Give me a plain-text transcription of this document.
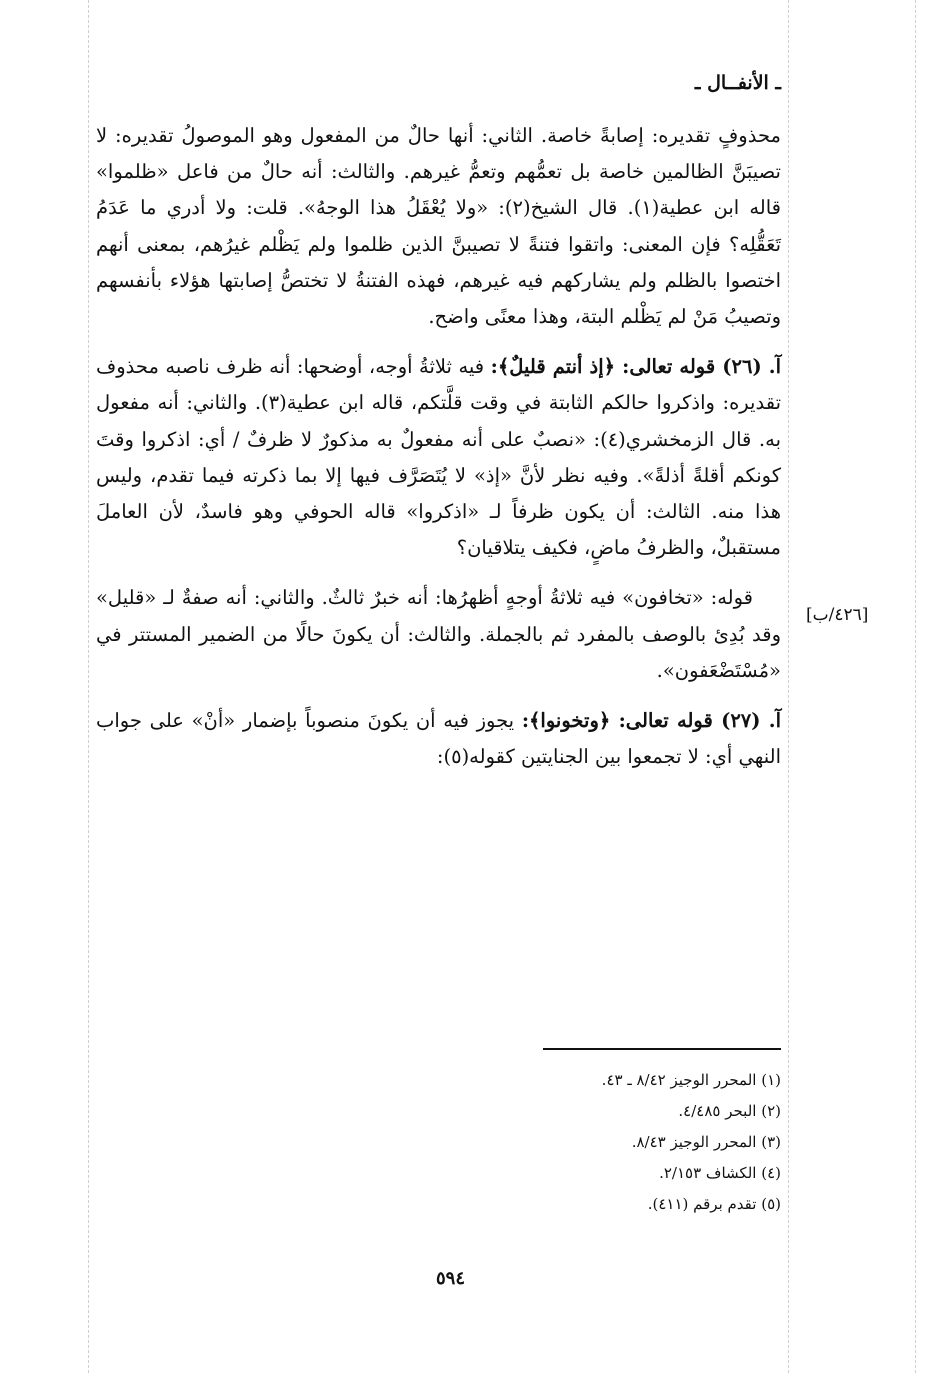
[٤٢٦/ب]
ـ الأنفــال ـ

محذوفٍ تقديره: إصابةً خاصة. الثاني: أنها حالٌ من المفعول وهو الموصولُ تقديره: لا تصيبَنَّ الظالمين خاصة بل تعمُّهم وتعمُّ غيرهم. والثالث: أنه حالٌ من فاعل «ظلموا» قاله ابن عطية(١). قال الشيخ(٢): «ولا يُعْقَلُ هذا الوجهُ». قلت: ولا أدري ما عَدَمُ تَعَقُّلِه؟ فإن المعنى: واتقوا فتنةً لا تصيبنَّ الذين ظلموا ولم يَظْلم غيرُهم، بمعنى أنهم اختصوا بالظلم ولم يشاركهم فيه غيرهم، فهذه الفتنةُ لا تختصُّ إصابتها هؤلاء بأنفسهم وتصيبُ مَنْ لم يَظْلم البتة، وهذا معنًى واضح.

آ. (٢٦) قوله تعالى: ﴿إذ أنتم قليلٌ﴾: فيه ثلاثةُ أوجه، أوضحها: أنه ظرف ناصبه محذوف تقديره: واذكروا حالكم الثابتة في وقت قلَّتكم، قاله ابن عطية(٣). والثاني: أنه مفعول به. قال الزمخشري(٤): «نصبٌ على أنه مفعولٌ به مذكورٌ لا ظرفٌ / أي: اذكروا وقتَ كونكم أقلةً أذلةً». وفيه نظر لأنَّ «إذ» لا يُتَصَرَّف فيها إلا بما ذكرته فيما تقدم، وليس هذا منه. الثالث: أن يكون ظرفاً لـ «اذكروا» قاله الحوفي وهو فاسدٌ، لأن العاملَ مستقبلٌ، والظرفُ ماضٍ، فكيف يتلاقيان؟

قوله: «تخافون» فيه ثلاثةُ أوجهٍ أظهرُها: أنه خبرٌ ثالثٌ. والثاني: أنه صفةٌ لـ «قليل» وقد بُدِئ بالوصف بالمفرد ثم بالجملة. والثالث: أن يكونَ حالًا من الضمير المستتر في «مُسْتَضْعَفون».

آ. (٢٧) قوله تعالى: ﴿وتخونوا﴾: يجوز فيه أن يكونَ منصوباً بإضمار «أنْ» على جواب النهي أي: لا تجمعوا بين الجنايتين كقوله(٥):

(١) المحرر الوجيز ٨/٤٢ ـ ٤٣.
(٢) البحر ٤/٤٨٥.
(٣) المحرر الوجيز ٨/٤٣.
(٤) الكشاف ٢/١٥٣.
(٥) تقدم برقم (٤١١).
٥٩٤
